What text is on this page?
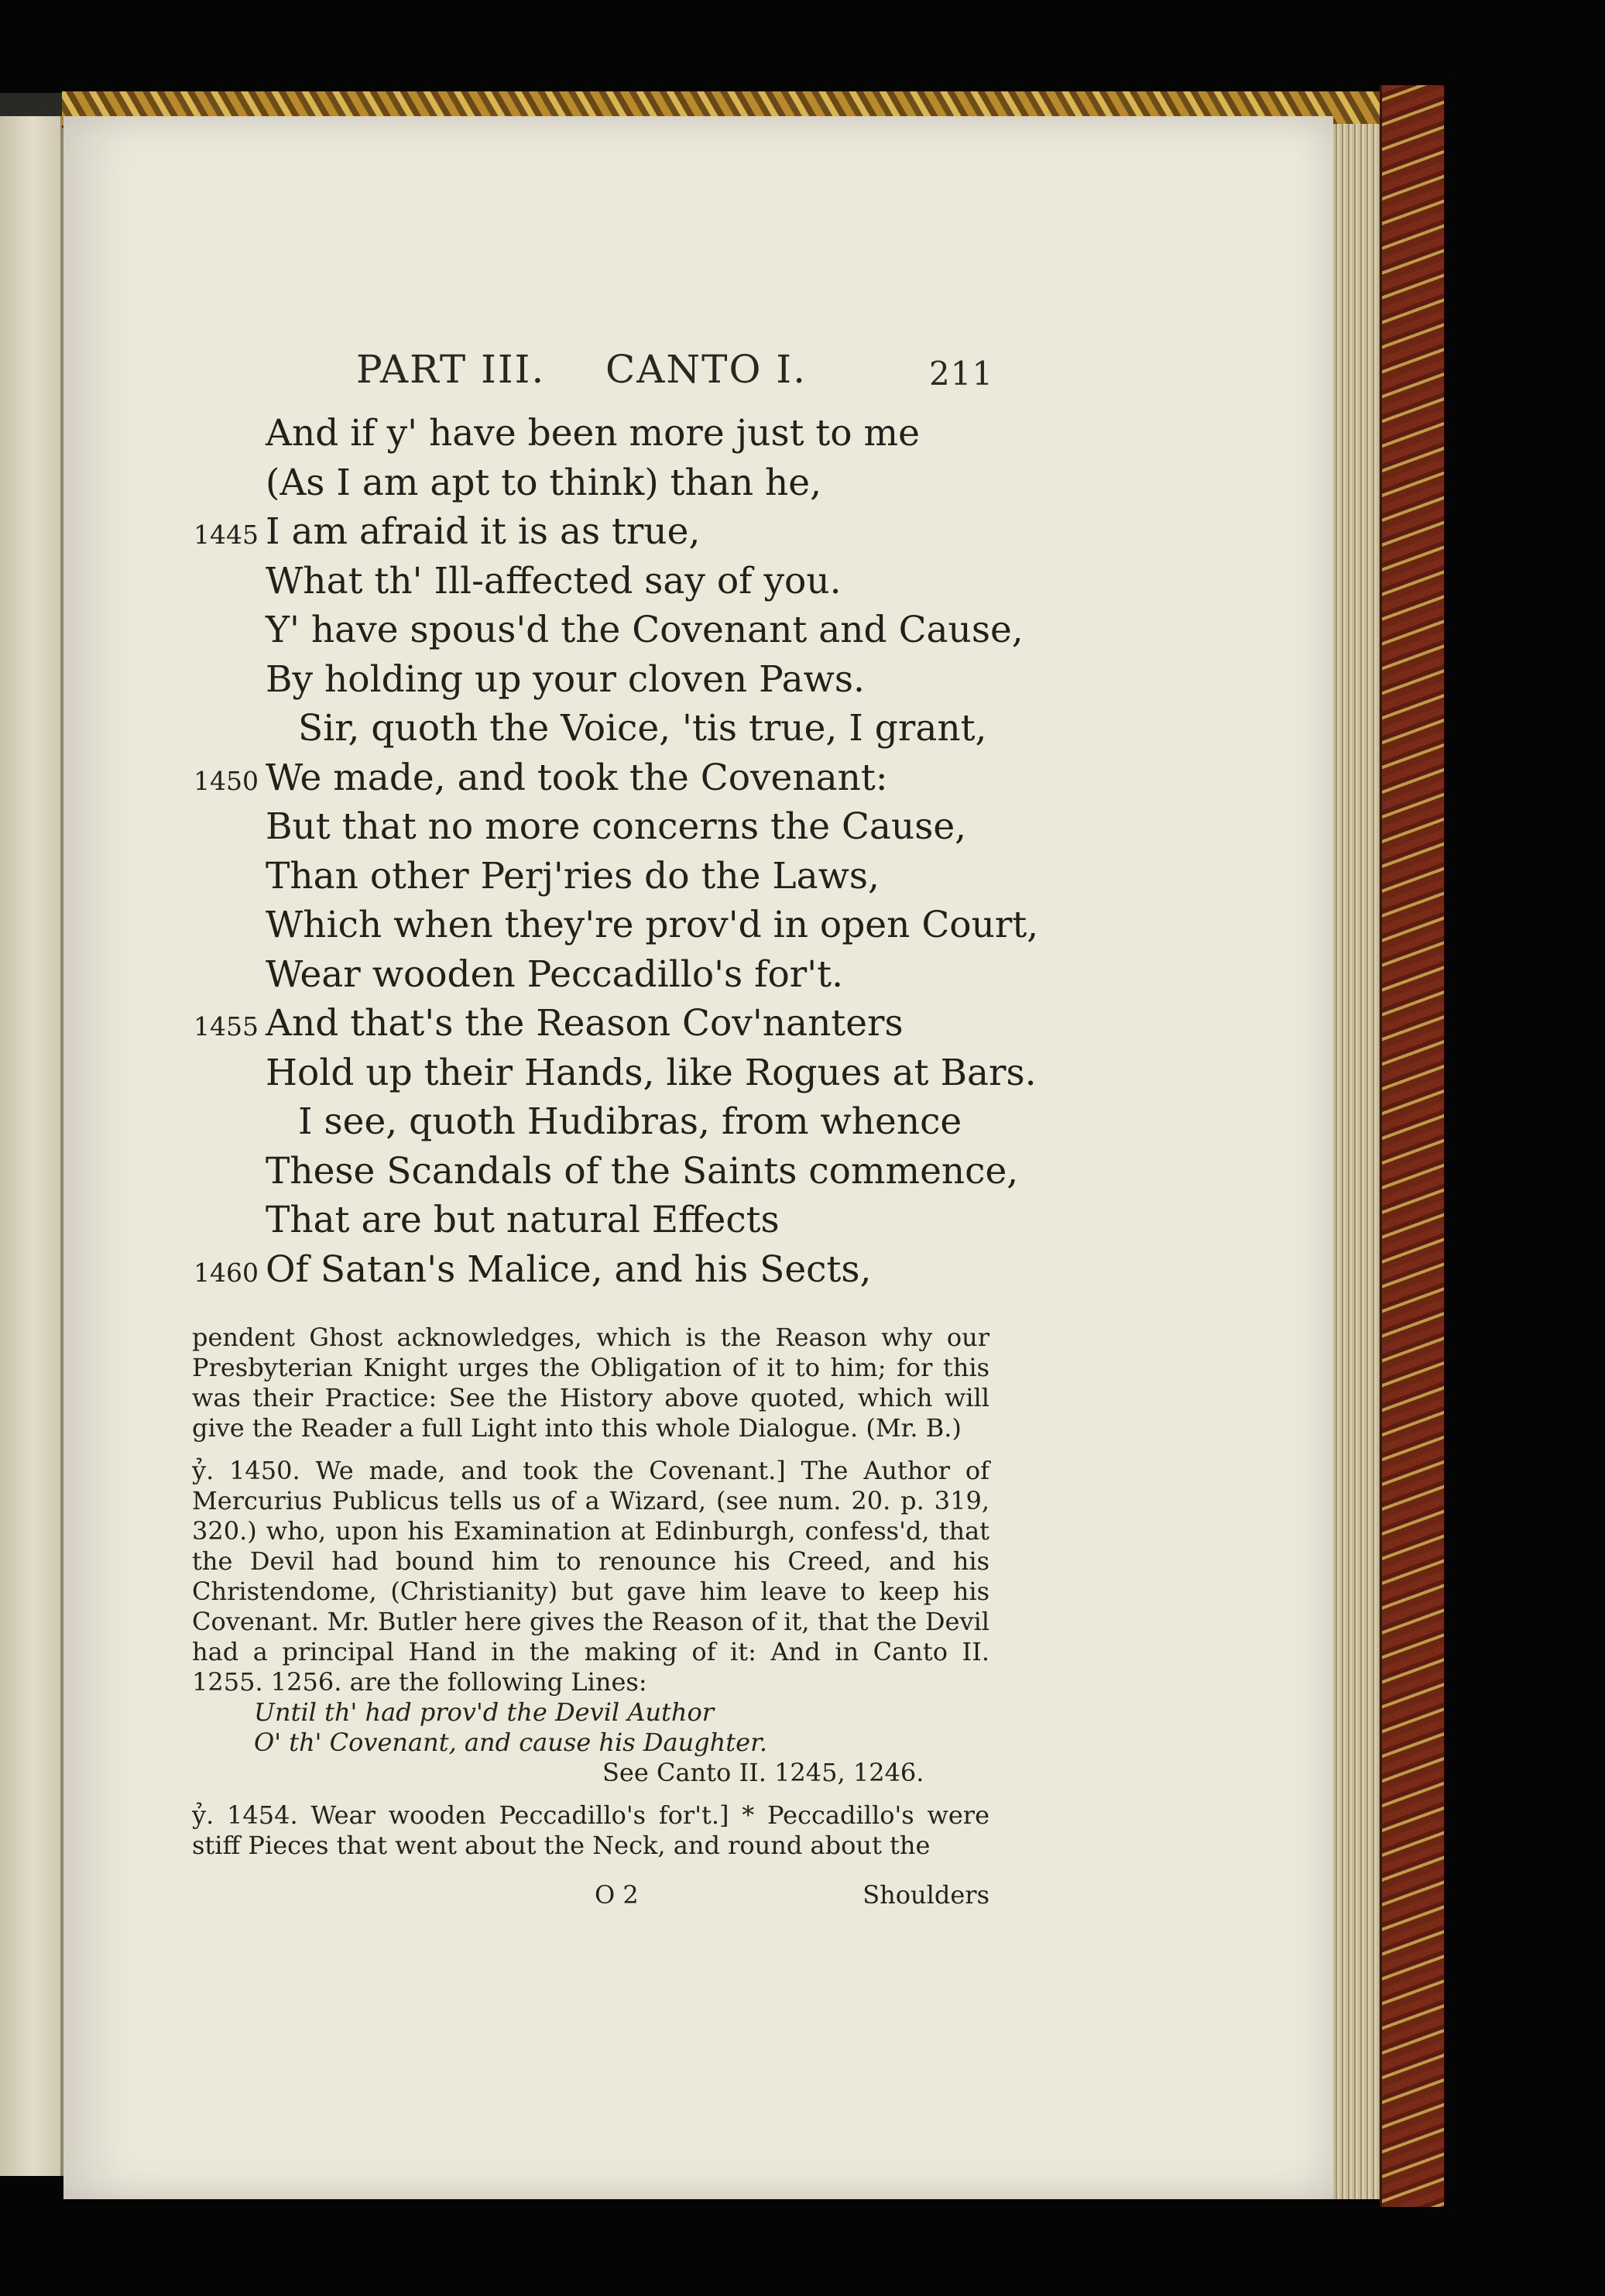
PART III. CANTO I.	211
And if y' have been more just to me
(As I am apt to think) than he,
1445 I am afraid it is as true,
What th' Ill-affected say of you.
Y' have spous'd the Covenant and Cause,
By holding up your cloven Paws.
Sir, quoth the Voice, 'tis true, I grant,
1450 We made, and took the Covenant:
But that no more concerns the Cause,
Than other Perj'ries do the Laws,
Which when they're prov'd in open Court,
Wear wooden Peccadillo's for't.
1455 And that's the Reason Cov'nanters
Hold up their Hands, like Rogues at Bars.
I see, quoth Hudibras, from whence
These Scandals of the Saints commence,
That are but natural Effects
1460 Of Satan's Malice, and his Sects,

pendent Ghost acknowledges, which is the Reason why our Presbyterian Knight urges the Obligation of it to him; for this was their Practice: See the History above quoted, which will give the Reader a full Light into this whole Dialogue. (Mr. B.)

ỷ. 1450. We made, and took the Covenant.] The Author of Mercurius Publicus tells us of a Wizard, (see num. 20. p. 319, 320.) who, upon his Examination at Edinburgh, confess'd, that the Devil had bound him to renounce his Creed, and his Christendome, (Christianity) but gave him leave to keep his Covenant. Mr. Butler here gives the Reason of it, that the Devil had a principal Hand in the making of it: And in Canto II. 1255. 1256. are the following Lines:

Until th' had prov'd the Devil Author
O' th' Covenant, and cause his Daughter.
See Canto II. 1245, 1246.

ỷ. 1454. Wear wooden Peccadillo's for't.] * Peccadillo's were stiff Pieces that went about the Neck, and round about the

O 2	Shoulders
